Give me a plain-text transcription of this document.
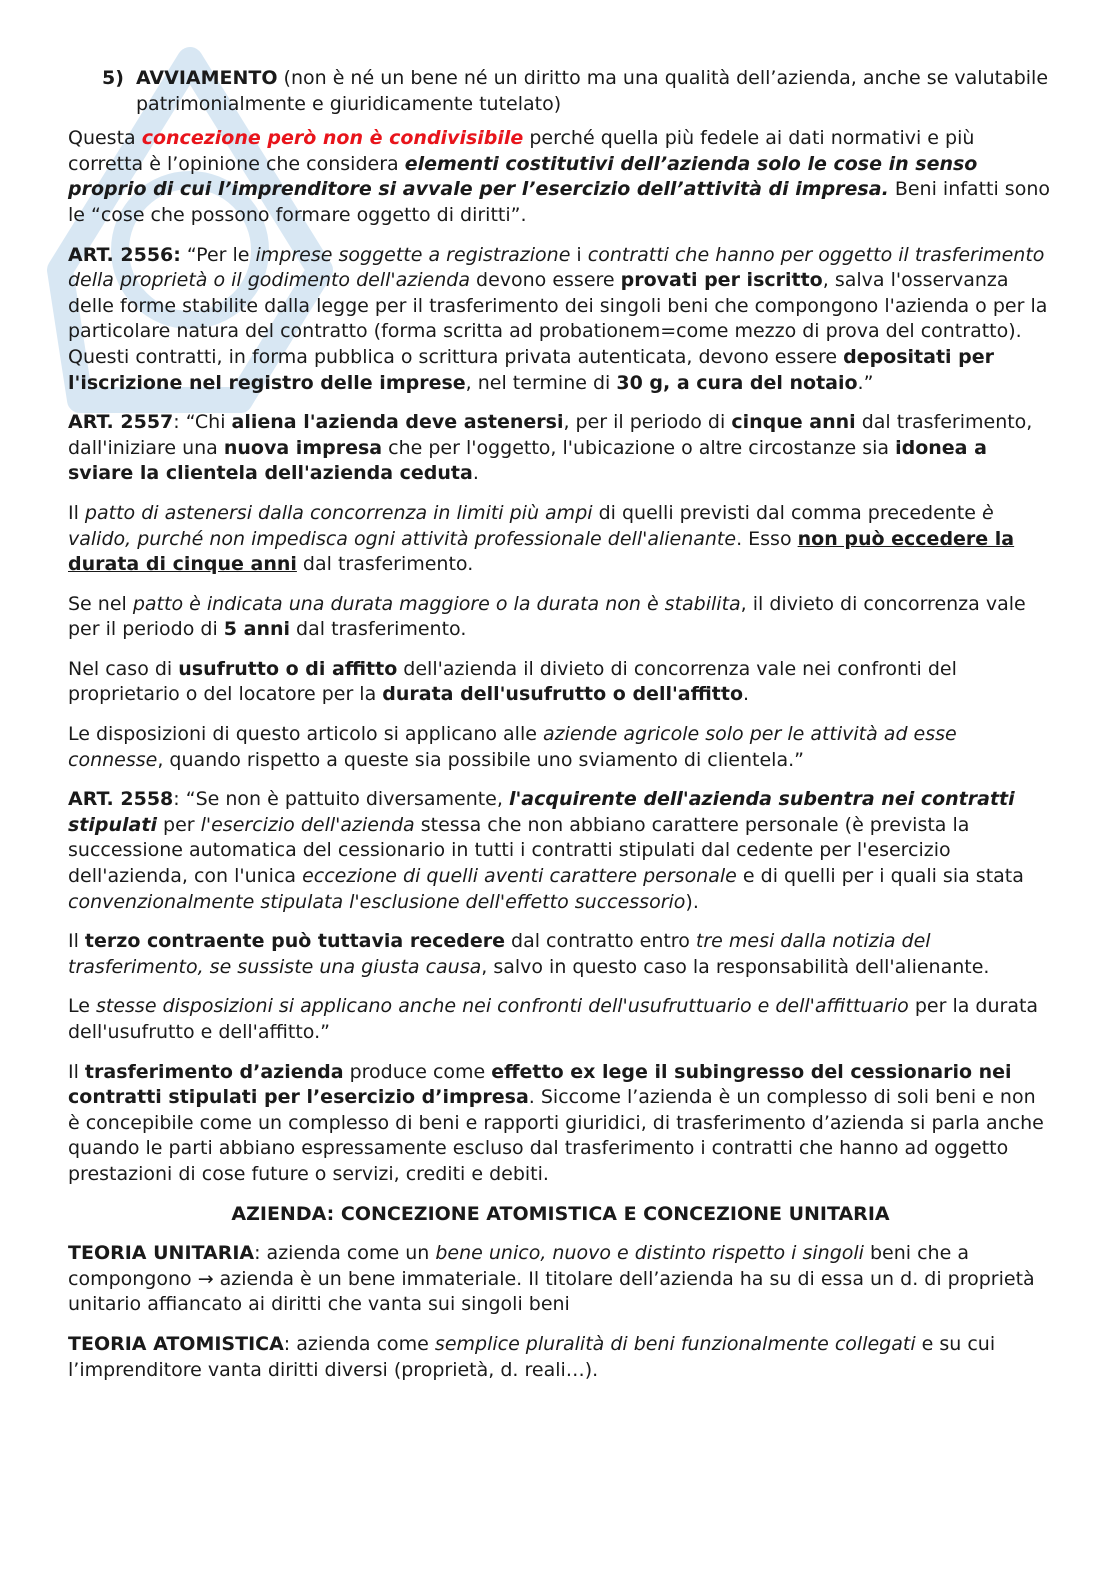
5) AVVIAMENTO (non è né un bene né un diritto ma una qualità dell’azienda, anche se valutabile patrimonialmente e giuridicamente tutelato)

Questa concezione però non è condivisibile perché quella più fedele ai dati normativi e più corretta è l’opinione che considera elementi costitutivi dell’azienda solo le cose in senso proprio di cui l’imprenditore si avvale per l’esercizio dell’attività di impresa. Beni infatti sono le “cose che possono formare oggetto di diritti”.

ART. 2556: “Per le imprese soggette a registrazione i contratti che hanno per oggetto il trasferimento della proprietà o il godimento dell'azienda devono essere provati per iscritto, salva l'osservanza delle forme stabilite dalla legge per il trasferimento dei singoli beni che compongono l'azienda o per la particolare natura del contratto (forma scritta ad probationem=come mezzo di prova del contratto). Questi contratti, in forma pubblica o scrittura privata autenticata, devono essere depositati per l'iscrizione nel registro delle imprese, nel termine di 30 g, a cura del notaio.”

ART. 2557: “Chi aliena l'azienda deve astenersi, per il periodo di cinque anni dal trasferimento, dall'iniziare una nuova impresa che per l'oggetto, l'ubicazione o altre circostanze sia idonea a sviare la clientela dell'azienda ceduta.

Il patto di astenersi dalla concorrenza in limiti più ampi di quelli previsti dal comma precedente è valido, purché non impedisca ogni attività professionale dell'alienante. Esso non può eccedere la durata di cinque anni dal trasferimento.

Se nel patto è indicata una durata maggiore o la durata non è stabilita, il divieto di concorrenza vale per il periodo di 5 anni dal trasferimento.

Nel caso di usufrutto o di affitto dell'azienda il divieto di concorrenza vale nei confronti del proprietario o del locatore per la durata dell'usufrutto o dell'affitto.

Le disposizioni di questo articolo si applicano alle aziende agricole solo per le attività ad esse connesse, quando rispetto a queste sia possibile uno sviamento di clientela.”

ART. 2558: “Se non è pattuito diversamente, l'acquirente dell'azienda subentra nei contratti stipulati per l'esercizio dell'azienda stessa che non abbiano carattere personale (è prevista la successione automatica del cessionario in tutti i contratti stipulati dal cedente per l'esercizio dell'azienda, con l'unica eccezione di quelli aventi carattere personale e di quelli per i quali sia stata convenzionalmente stipulata l'esclusione dell'effetto successorio).

Il terzo contraente può tuttavia recedere dal contratto entro tre mesi dalla notizia del trasferimento, se sussiste una giusta causa, salvo in questo caso la responsabilità dell'alienante.

Le stesse disposizioni si applicano anche nei confronti dell'usufruttuario e dell'affittuario per la durata dell'usufrutto e dell'affitto.”

Il trasferimento d’azienda produce come effetto ex lege il subingresso del cessionario nei contratti stipulati per l’esercizio d’impresa. Siccome l’azienda è un complesso di soli beni e non è concepibile come un complesso di beni e rapporti giuridici, di trasferimento d’azienda si parla anche quando le parti abbiano espressamente escluso dal trasferimento i contratti che hanno ad oggetto prestazioni di cose future o servizi, crediti e debiti.

AZIENDA: CONCEZIONE ATOMISTICA E CONCEZIONE UNITARIA

TEORIA UNITARIA: azienda come un bene unico, nuovo e distinto rispetto i singoli beni che a compongono → azienda è un bene immateriale. Il titolare dell’azienda ha su di essa un d. di proprietà unitario affiancato ai diritti che vanta sui singoli beni

TEORIA ATOMISTICA: azienda come semplice pluralità di beni funzionalmente collegati e su cui l’imprenditore vanta diritti diversi (proprietà, d. reali…).
